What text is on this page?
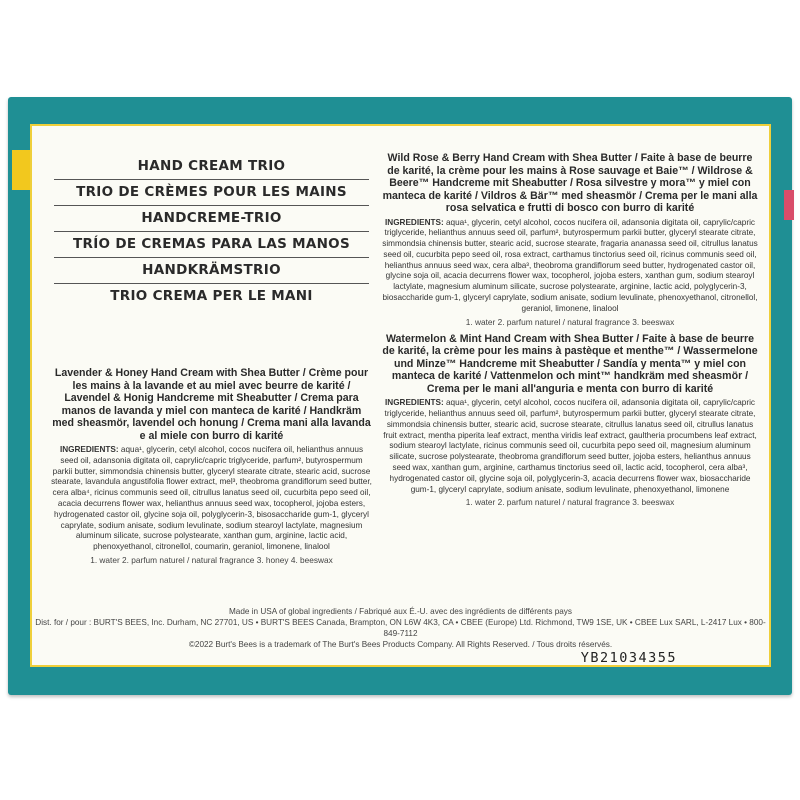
HAND CREAM TRIO
TRIO DE CRÈMES POUR LES MAINS
HANDCREME-TRIO
TRÍO DE CREMAS PARA LAS MANOS
HANDKRÄMSTRIO
TRIO CREMA PER LE MANI
Lavender & Honey Hand Cream with Shea Butter / Crème pour les mains à la lavande et au miel avec beurre de karité / Lavendel & Honig Handcreme mit Sheabutter / Crema para manos de lavanda y miel con manteca de karité / Handkräm med sheasmör, lavendel och honung / Crema mani alla lavanda e al miele con burro di karité
INGREDIENTS: aqua¹, glycerin, cetyl alcohol, cocos nucifera oil, helianthus annuus seed oil, adansonia digitata oil, caprylic/capric triglyceride, parfum², butyrospermum parkii butter, simmondsia chinensis butter, glyceryl stearate citrate, stearic acid, sucrose stearate, lavandula angustifolia flower extract, mel³, theobroma grandiflorum seed butter, cera alba⁴, ricinus communis seed oil, citrullus lanatus seed oil, cucurbita pepo seed oil, acacia decurrens flower wax, helianthus annuus seed wax, tocopherol, jojoba esters, hydrogenated castor oil, glycine soja oil, polyglycerin-3, bisosaccharide gum-1, glyceryl caprylate, sodium anisate, sodium levulinate, sodium stearoyl lactylate, magnesium aluminum silicate, sucrose polystearate, xanthan gum, arginine, lactic acid, phenoxyethanol, citronellol, coumarin, geraniol, limonene, linalool
1. water 2. parfum naturel / natural fragrance 3. honey 4. beeswax
Wild Rose & Berry Hand Cream with Shea Butter / Faite à base de beurre de karité, la crème pour les mains à Rose sauvage et Baie™ / Wildrose & Beere™ Handcreme mit Sheabutter / Rosa silvestre y mora™ y miel con manteca de karité / Vildros & Bär™ med sheasmör / Crema per le mani alla rosa selvatica e frutti di bosco con burro di karité
INGREDIENTS: aqua¹, glycerin, cetyl alcohol, cocos nucifera oil, adansonia digitata oil, caprylic/capric triglyceride, helianthus annuus seed oil, parfum², butyrospermum parkii butter, glyceryl stearate citrate, simmondsia chinensis butter, stearic acid, sucrose stearate, fragaria ananassa seed oil, citrullus lanatus seed oil, cucurbita pepo seed oil, rosa extract, carthamus tinctorius seed oil, ricinus communis seed oil, helianthus annuus seed wax, cera alba³, theobroma grandiflorum seed butter, hydrogenated castor oil, glycine soja oil, acacia decurrens flower wax, tocopherol, jojoba esters, xanthan gum, sodium stearoyl lactylate, magnesium aluminum silicate, sucrose polystearate, arginine, lactic acid, polyglycerin-3, biosaccharide gum-1, glyceryl caprylate, sodium anisate, sodium levulinate, phenoxyethanol, citronellol, geraniol, limonene, linalool
1. water 2. parfum naturel / natural fragrance 3. beeswax
Watermelon & Mint Hand Cream with Shea Butter / Faite à base de beurre de karité, la crème pour les mains à pastèque et menthe™ / Wassermelone und Minze™ Handcreme mit Sheabutter / Sandía y menta™ y miel con manteca de karité / Vattenmelon och mint™ handkräm med sheasmör / Crema per le mani all'anguria e menta con burro di karité
INGREDIENTS: aqua¹, glycerin, cetyl alcohol, cocos nucifera oil, adansonia digitata oil, caprylic/capric triglyceride, helianthus annuus seed oil, parfum², butyrospermum parkii butter, glyceryl stearate citrate, simmondsia chinensis butter, stearic acid, sucrose stearate, citrullus lanatus seed oil, citrullus lanatus fruit extract, mentha piperita leaf extract, mentha viridis leaf extract, gaultheria procumbens leaf extract, sodium stearoyl lactylate, ricinus communis seed oil, cucurbita pepo seed oil, magnesium aluminum silicate, sucrose polystearate, theobroma grandiflorum seed butter, jojoba esters, helianthus annuus seed wax, xanthan gum, arginine, carthamus tinctorius seed oil, lactic acid, tocopherol, cera alba³, hydrogenated castor oil, glycine soja oil, polyglycerin-3, acacia decurrens flower wax, biosaccharide gum-1, glyceryl caprylate, sodium anisate, sodium levulinate, phenoxyethanol, limonene
1. water 2. parfum naturel / natural fragrance 3. beeswax
Made in USA of global ingredients / Fabriqué aux É.-U. avec des ingrédients de différents pays
Dist. for / pour : BURT'S BEES, Inc. Durham, NC 27701, US • BURT'S BEES Canada, Brampton, ON L6W 4K3, CA • CBEE (Europe) Ltd. Richmond, TW9 1SE, UK • CBEE Lux SARL, L-2417 Lux • 800-849-7112
©2022 Burt's Bees is a trademark of The Burt's Bees Products Company. All Rights Reserved. / Tous droits réservés.
YB21034355
